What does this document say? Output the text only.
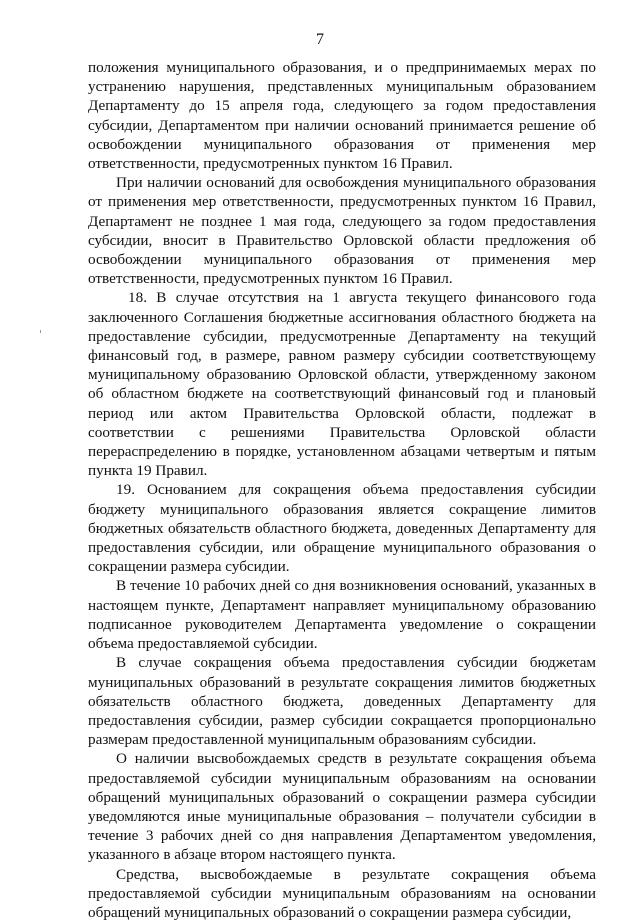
7

положения муниципального образования, и о предпринимаемых мерах по устранению нарушения, представленных муниципальным образованием Департаменту до 15 апреля года, следующего за годом предоставления субсидии, Департаментом при наличии оснований принимается решение об освобождении муниципального образования от применения мер ответственности, предусмотренных пунктом 16 Правил.

При наличии оснований для освобождения муниципального образования от применения мер ответственности, предусмотренных пунктом 16 Правил, Департамент не позднее 1 мая года, следующего за годом предоставления субсидии, вносит в Правительство Орловской области предложения об освобождении муниципального образования от применения мер ответственности, предусмотренных пунктом 16 Правил.

18. В случае отсутствия на 1 августа текущего финансового года заключенного Соглашения бюджетные ассигнования областного бюджета на предоставление субсидии, предусмотренные Департаменту на текущий финансовый год, в размере, равном размеру субсидии соответствующему муниципальному образованию Орловской области, утвержденному законом об областном бюджете на соответствующий финансовый год и плановый период или актом Правительства Орловской области, подлежат в соответствии с решениями Правительства Орловской области перераспределению в порядке, установленном абзацами четвертым и пятым пункта 19 Правил.

19. Основанием для сокращения объема предоставления субсидии бюджету муниципального образования является сокращение лимитов бюджетных обязательств областного бюджета, доведенных Департаменту для предоставления субсидии, или обращение муниципального образования о сокращении размера субсидии.

В течение 10 рабочих дней со дня возникновения оснований, указанных в настоящем пункте, Департамент направляет муниципальному образованию подписанное руководителем Департамента уведомление о сокращении объема предоставляемой субсидии.

В случае сокращения объема предоставления субсидии бюджетам муниципальных образований в результате сокращения лимитов бюджетных обязательств областного бюджета, доведенных Департаменту для предоставления субсидии, размер субсидии сокращается пропорционально размерам предоставленной муниципальным образованиям субсидии.

О наличии высвобождаемых средств в результате сокращения объема предоставляемой субсидии муниципальным образованиям на основании обращений муниципальных образований о сокращении размера субсидии уведомляются иные муниципальные образования – получатели субсидии в течение 3 рабочих дней со дня направления Департаментом уведомления, указанного в абзаце втором настоящего пункта.

Средства, высвобождаемые в результате сокращения объема предоставляемой субсидии муниципальным образованиям на основании обращений муниципальных образований о сокращении размера субсидии,
